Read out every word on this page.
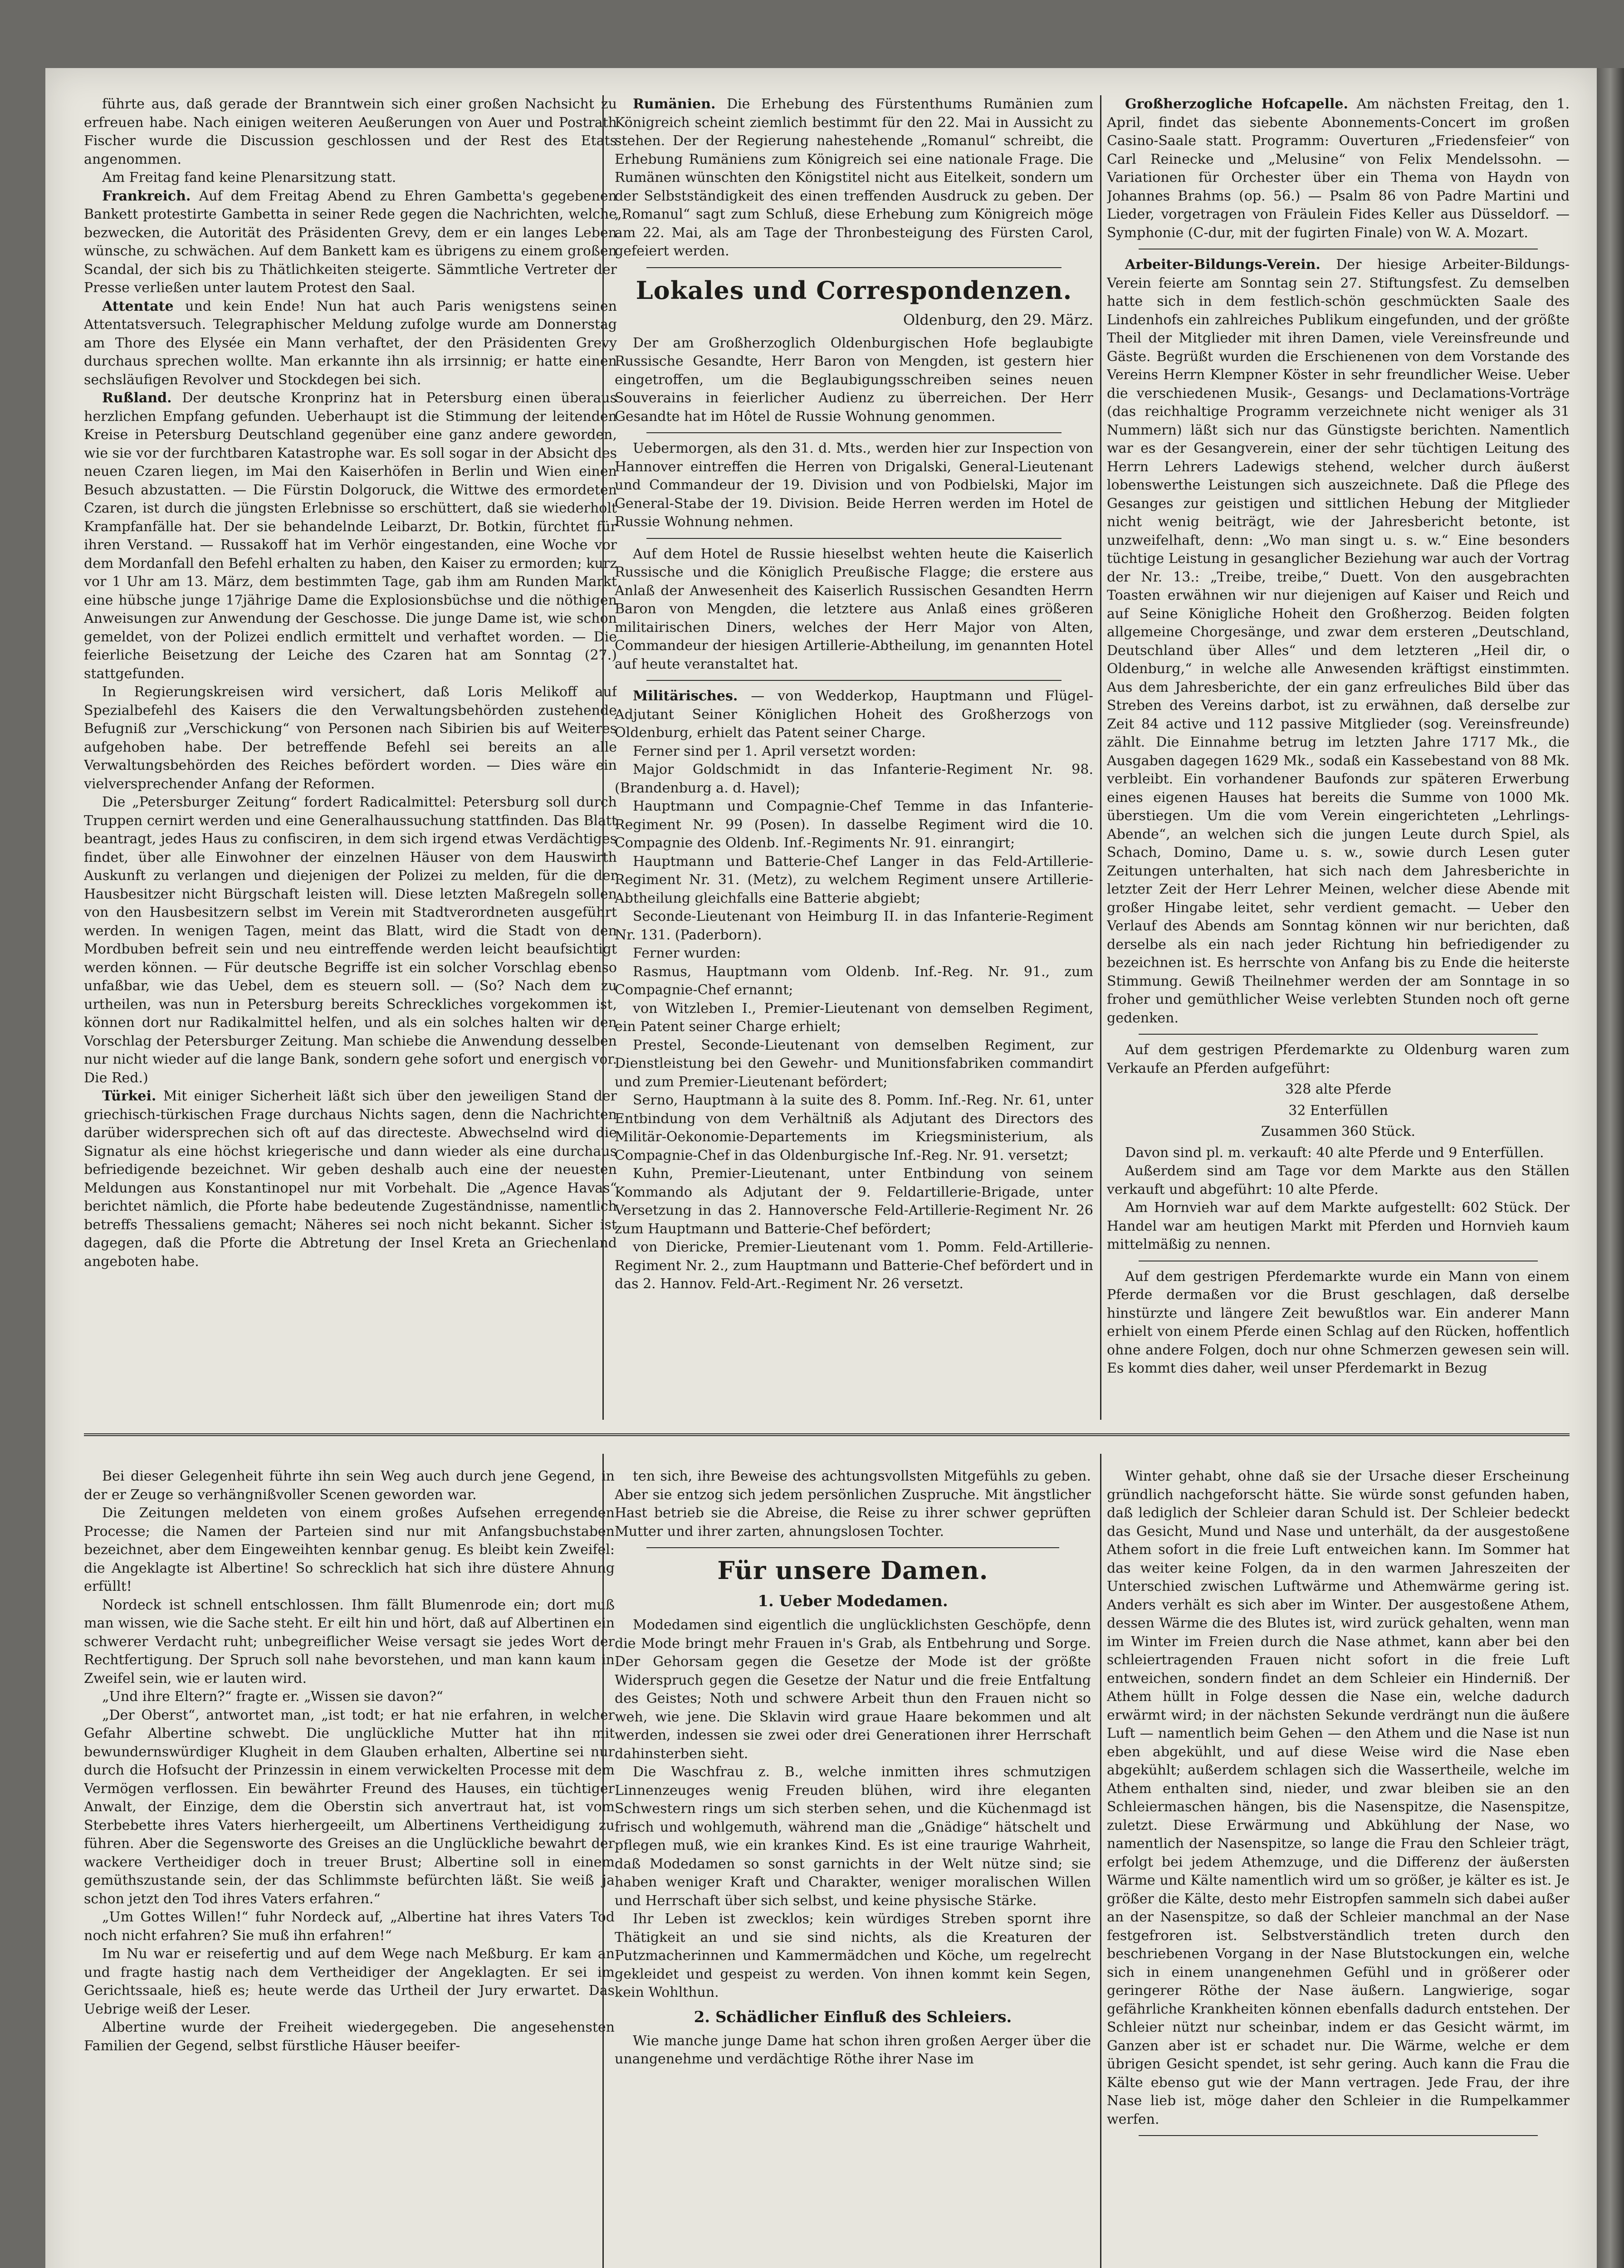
führte aus, daß gerade der Branntwein sich einer großen Nachsicht zu erfreuen habe. Nach einigen weiteren Aeußerungen von Auer und Postrath Fischer wurde die Discussion geschlossen und der Rest des Etats angenommen.

Am Freitag fand keine Plenarsitzung statt.

Frankreich. Auf dem Freitag Abend zu Ehren Gambetta's gegebenen Bankett protestirte Gambetta in seiner Rede gegen die Nachrichten, welche bezwecken, die Autorität des Präsidenten Grevy, dem er ein langes Leben wünsche, zu schwächen. Auf dem Bankett kam es übrigens zu einem großen Scandal, der sich bis zu Thätlichkeiten steigerte. Sämmtliche Vertreter der Presse verließen unter lautem Protest den Saal.

Attentate und kein Ende! Nun hat auch Paris wenigstens seinen Attentatsversuch. Telegraphischer Meldung zufolge wurde am Donnerstag am Thore des Elysée ein Mann verhaftet, der den Präsidenten Grevy durchaus sprechen wollte. Man erkannte ihn als irrsinnig; er hatte einen sechsläufigen Revolver und Stockdegen bei sich.

Rußland. Der deutsche Kronprinz hat in Petersburg einen überaus herzlichen Empfang gefunden. Ueberhaupt ist die Stimmung der leitenden Kreise in Petersburg Deutschland gegenüber eine ganz andere geworden, wie sie vor der furchtbaren Katastrophe war. Es soll sogar in der Absicht des neuen Czaren liegen, im Mai den Kaiserhöfen in Berlin und Wien einen Besuch abzustatten. — Die Fürstin Dolgoruck, die Wittwe des ermordeten Czaren, ist durch die jüngsten Erlebnisse so erschüttert, daß sie wiederholt Krampfanfälle hat. Der sie behandelnde Leibarzt, Dr. Botkin, fürchtet für ihren Verstand. — Russakoff hat im Verhör eingestanden, eine Woche vor dem Mordanfall den Befehl erhalten zu haben, den Kaiser zu ermorden; kurz vor 1 Uhr am 13. März, dem bestimmten Tage, gab ihm am Runden Markt eine hübsche junge 17jährige Dame die Explosionsbüchse und die nöthigen Anweisungen zur Anwendung der Geschosse. Die junge Dame ist, wie schon gemeldet, von der Polizei endlich ermittelt und verhaftet worden. — Die feierliche Beisetzung der Leiche des Czaren hat am Sonntag (27.) stattgefunden.

In Regierungskreisen wird versichert, daß Loris Melikoff auf Spezialbefehl des Kaisers die den Verwaltungsbehörden zustehende Befugniß zur „Verschickung“ von Personen nach Sibirien bis auf Weiteres aufgehoben habe. Der betreffende Befehl sei bereits an alle Verwaltungsbehörden des Reiches befördert worden. — Dies wäre ein vielversprechender Anfang der Reformen.

Die „Petersburger Zeitung“ fordert Radicalmittel: Petersburg soll durch Truppen cernirt werden und eine Generalhaussuchung stattfinden. Das Blatt beantragt, jedes Haus zu confisciren, in dem sich irgend etwas Verdächtiges findet, über alle Einwohner der einzelnen Häuser von dem Hauswirth Auskunft zu verlangen und diejenigen der Polizei zu melden, für die der Hausbesitzer nicht Bürgschaft leisten will. Diese letzten Maßregeln sollen von den Hausbesitzern selbst im Verein mit Stadtverordneten ausgeführt werden. In wenigen Tagen, meint das Blatt, wird die Stadt von den Mordbuben befreit sein und neu eintreffende werden leicht beaufsichtigt werden können. — Für deutsche Begriffe ist ein solcher Vorschlag ebenso unfaßbar, wie das Uebel, dem es steuern soll. — (So? Nach dem zu urtheilen, was nun in Petersburg bereits Schreckliches vorgekommen ist, können dort nur Radikalmittel helfen, und als ein solches halten wir den Vorschlag der Petersburger Zeitung. Man schiebe die Anwendung desselben nur nicht wieder auf die lange Bank, sondern gehe sofort und energisch vor. Die Red.)

Türkei. Mit einiger Sicherheit läßt sich über den jeweiligen Stand der griechisch-türkischen Frage durchaus Nichts sagen, denn die Nachrichten darüber widersprechen sich oft auf das directeste. Abwechselnd wird die Signatur als eine höchst kriegerische und dann wieder als eine durchaus befriedigende bezeichnet. Wir geben deshalb auch eine der neuesten Meldungen aus Konstantinopel nur mit Vorbehalt. Die „Agence Havas“ berichtet nämlich, die Pforte habe bedeutende Zugeständnisse, namentlich betreffs Thessaliens gemacht; Näheres sei noch nicht bekannt. Sicher ist dagegen, daß die Pforte die Abtretung der Insel Kreta an Griechenland angeboten habe.

Rumänien. Die Erhebung des Fürstenthums Rumänien zum Königreich scheint ziemlich bestimmt für den 22. Mai in Aussicht zu stehen. Der der Regierung nahestehende „Romanul“ schreibt, die Erhebung Rumäniens zum Königreich sei eine nationale Frage. Die Rumänen wünschten den Königstitel nicht aus Eitelkeit, sondern um der Selbstständigkeit des einen treffenden Ausdruck zu geben. Der „Romanul“ sagt zum Schluß, diese Erhebung zum Königreich möge am 22. Mai, als am Tage der Thronbesteigung des Fürsten Carol, gefeiert werden.

Lokales und Correspondenzen.

Oldenburg, den 29. März.

Der am Großherzoglich Oldenburgischen Hofe beglaubigte Russische Gesandte, Herr Baron von Mengden, ist gestern hier eingetroffen, um die Beglaubigungsschreiben seines neuen Souverains in feierlicher Audienz zu überreichen. Der Herr Gesandte hat im Hôtel de Russie Wohnung genommen.

Uebermorgen, als den 31. d. Mts., werden hier zur Inspection von Hannover eintreffen die Herren von Drigalski, General-Lieutenant und Commandeur der 19. Division und von Podbielski, Major im General-Stabe der 19. Division. Beide Herren werden im Hotel de Russie Wohnung nehmen.

Auf dem Hotel de Russie hieselbst wehten heute die Kaiserlich Russische und die Königlich Preußische Flagge; die erstere aus Anlaß der Anwesenheit des Kaiserlich Russischen Gesandten Herrn Baron von Mengden, die letztere aus Anlaß eines größeren militairischen Diners, welches der Herr Major von Alten, Commandeur der hiesigen Artillerie-Abtheilung, im genannten Hotel auf heute veranstaltet hat.

Militärisches. — von Wedderkop, Hauptmann und Flügel-Adjutant Seiner Königlichen Hoheit des Großherzogs von Oldenburg, erhielt das Patent seiner Charge.

Ferner sind per 1. April versetzt worden:

Major Goldschmidt in das Infanterie-Regiment Nr. 98. (Brandenburg a. d. Havel);

Hauptmann und Compagnie-Chef Temme in das Infanterie-Regiment Nr. 99 (Posen). In dasselbe Regiment wird die 10. Compagnie des Oldenb. Inf.-Regiments Nr. 91. einrangirt;

Hauptmann und Batterie-Chef Langer in das Feld-Artillerie-Regiment Nr. 31. (Metz), zu welchem Regiment unsere Artillerie-Abtheilung gleichfalls eine Batterie abgiebt;

Seconde-Lieutenant von Heimburg II. in das Infanterie-Regiment Nr. 131. (Paderborn).

Ferner wurden:

Rasmus, Hauptmann vom Oldenb. Inf.-Reg. Nr. 91., zum Compagnie-Chef ernannt;

von Witzleben I., Premier-Lieutenant von demselben Regiment, ein Patent seiner Charge erhielt;

Prestel, Seconde-Lieutenant von demselben Regiment, zur Dienstleistung bei den Gewehr- und Munitionsfabriken commandirt und zum Premier-Lieutenant befördert;

Serno, Hauptmann à la suite des 8. Pomm. Inf.-Reg. Nr. 61, unter Entbindung von dem Verhältniß als Adjutant des Directors des Militär-Oekonomie-Departements im Kriegsministerium, als Compagnie-Chef in das Oldenburgische Inf.-Reg. Nr. 91. versetzt;

Kuhn, Premier-Lieutenant, unter Entbindung von seinem Kommando als Adjutant der 9. Feldartillerie-Brigade, unter Versetzung in das 2. Hannoversche Feld-Artillerie-Regiment Nr. 26 zum Hauptmann und Batterie-Chef befördert;

von Diericke, Premier-Lieutenant vom 1. Pomm. Feld-Artillerie-Regiment Nr. 2., zum Hauptmann und Batterie-Chef befördert und in das 2. Hannov. Feld-Art.-Regiment Nr. 26 versetzt.

Großherzogliche Hofcapelle. Am nächsten Freitag, den 1. April, findet das siebente Abonnements-Concert im großen Casino-Saale statt. Programm: Ouverturen „Friedensfeier“ von Carl Reinecke und „Melusine“ von Felix Mendelssohn. — Variationen für Orchester über ein Thema von Haydn von Johannes Brahms (op. 56.) — Psalm 86 von Padre Martini und Lieder, vorgetragen von Fräulein Fides Keller aus Düsseldorf. — Symphonie (C-dur, mit der fugirten Finale) von W. A. Mozart.

Arbeiter-Bildungs-Verein. Der hiesige Arbeiter-Bildungs-Verein feierte am Sonntag sein 27. Stiftungsfest. Zu demselben hatte sich in dem festlich-schön geschmückten Saale des Lindenhofs ein zahlreiches Publikum eingefunden, und der größte Theil der Mitglieder mit ihren Damen, viele Vereinsfreunde und Gäste. Begrüßt wurden die Erschienenen von dem Vorstande des Vereins Herrn Klempner Köster in sehr freundlicher Weise. Ueber die verschiedenen Musik-, Gesangs- und Declamations-Vorträge (das reichhaltige Programm verzeichnete nicht weniger als 31 Nummern) läßt sich nur das Günstigste berichten. Namentlich war es der Gesangverein, einer der sehr tüchtigen Leitung des Herrn Lehrers Ladewigs stehend, welcher durch äußerst lobenswerthe Leistungen sich auszeichnete. Daß die Pflege des Gesanges zur geistigen und sittlichen Hebung der Mitglieder nicht wenig beiträgt, wie der Jahresbericht betonte, ist unzweifelhaft, denn: „Wo man singt u. s. w.“ Eine besonders tüchtige Leistung in gesanglicher Beziehung war auch der Vortrag der Nr. 13.: „Treibe, treibe,“ Duett. Von den ausgebrachten Toasten erwähnen wir nur diejenigen auf Kaiser und Reich und auf Seine Königliche Hoheit den Großherzog. Beiden folgten allgemeine Chorgesänge, und zwar dem ersteren „Deutschland, Deutschland über Alles“ und dem letzteren „Heil dir, o Oldenburg,“ in welche alle Anwesenden kräftigst einstimmten. Aus dem Jahresberichte, der ein ganz erfreuliches Bild über das Streben des Vereins darbot, ist zu erwähnen, daß derselbe zur Zeit 84 active und 112 passive Mitglieder (sog. Vereinsfreunde) zählt. Die Einnahme betrug im letzten Jahre 1717 Mk., die Ausgaben dagegen 1629 Mk., sodaß ein Kassebestand von 88 Mk. verbleibt. Ein vorhandener Baufonds zur späteren Erwerbung eines eigenen Hauses hat bereits die Summe von 1000 Mk. überstiegen. Um die vom Verein eingerichteten „Lehrlings-Abende“, an welchen sich die jungen Leute durch Spiel, als Schach, Domino, Dame u. s. w., sowie durch Lesen guter Zeitungen unterhalten, hat sich nach dem Jahresberichte in letzter Zeit der Herr Lehrer Meinen, welcher diese Abende mit großer Hingabe leitet, sehr verdient gemacht. — Ueber den Verlauf des Abends am Sonntag können wir nur berichten, daß derselbe als ein nach jeder Richtung hin befriedigender zu bezeichnen ist. Es herrschte von Anfang bis zu Ende die heiterste Stimmung. Gewiß Theilnehmer werden der am Sonntage in so froher und gemüthlicher Weise verlebten Stunden noch oft gerne gedenken.

Auf dem gestrigen Pferdemarkte zu Oldenburg waren zum Verkaufe an Pferden aufgeführt:

328 alte Pferde

32 Enterfüllen

Zusammen 360 Stück.

Davon sind pl. m. verkauft: 40 alte Pferde und 9 Enterfüllen.

Außerdem sind am Tage vor dem Markte aus den Ställen verkauft und abgeführt: 10 alte Pferde.

Am Hornvieh war auf dem Markte aufgestellt: 602 Stück. Der Handel war am heutigen Markt mit Pferden und Hornvieh kaum mittelmäßig zu nennen.

Auf dem gestrigen Pferdemarkte wurde ein Mann von einem Pferde dermaßen vor die Brust geschlagen, daß derselbe hinstürzte und längere Zeit bewußtlos war. Ein anderer Mann erhielt von einem Pferde einen Schlag auf den Rücken, hoffentlich ohne andere Folgen, doch nur ohne Schmerzen gewesen sein will. Es kommt dies daher, weil unser Pferdemarkt in Bezug

Bei dieser Gelegenheit führte ihn sein Weg auch durch jene Gegend, in der er Zeuge so verhängnißvoller Scenen geworden war.

Die Zeitungen meldeten von einem großes Aufsehen erregenden Processe; die Namen der Parteien sind nur mit Anfangsbuchstaben bezeichnet, aber dem Eingeweihten kennbar genug. Es bleibt kein Zweifel: die Angeklagte ist Albertine! So schrecklich hat sich ihre düstere Ahnung erfüllt!

Nordeck ist schnell entschlossen. Ihm fällt Blumenrode ein; dort muß man wissen, wie die Sache steht. Er eilt hin und hört, daß auf Albertinen ein schwerer Verdacht ruht; unbegreiflicher Weise versagt sie jedes Wort der Rechtfertigung. Der Spruch soll nahe bevorstehen, und man kann kaum in Zweifel sein, wie er lauten wird.

„Und ihre Eltern?“ fragte er. „Wissen sie davon?“

„Der Oberst“, antwortet man, „ist todt; er hat nie erfahren, in welcher Gefahr Albertine schwebt. Die unglückliche Mutter hat ihn mit bewundernswürdiger Klugheit in dem Glauben erhalten, Albertine sei nur durch die Hofsucht der Prinzessin in einem verwickelten Processe mit dem Vermögen verflossen. Ein bewährter Freund des Hauses, ein tüchtiger Anwalt, der Einzige, dem die Oberstin sich anvertraut hat, ist vom Sterbebette ihres Vaters hierhergeeilt, um Albertinens Vertheidigung zu führen. Aber die Segensworte des Greises an die Unglückliche bewahrt der wackere Vertheidiger doch in treuer Brust; Albertine soll in einem gemüthszustande sein, der das Schlimmste befürchten läßt. Sie weiß ja schon jetzt den Tod ihres Vaters erfahren.“

„Um Gottes Willen!“ fuhr Nordeck auf, „Albertine hat ihres Vaters Tod noch nicht erfahren? Sie muß ihn erfahren!“

Im Nu war er reisefertig und auf dem Wege nach Meßburg. Er kam an und fragte hastig nach dem Vertheidiger der Angeklagten. Er sei im Gerichtssaale, hieß es; heute werde das Urtheil der Jury erwartet. Das Uebrige weiß der Leser.

Albertine wurde der Freiheit wiedergegeben. Die angesehensten Familien der Gegend, selbst fürstliche Häuser beeifer-

ten sich, ihre Beweise des achtungsvollsten Mitgefühls zu geben. Aber sie entzog sich jedem persönlichen Zuspruche. Mit ängstlicher Hast betrieb sie die Abreise, die Reise zu ihrer schwer geprüften Mutter und ihrer zarten, ahnungslosen Tochter.

Für unsere Damen.

1. Ueber Modedamen.

Modedamen sind eigentlich die unglücklichsten Geschöpfe, denn die Mode bringt mehr Frauen in's Grab, als Entbehrung und Sorge. Der Gehorsam gegen die Gesetze der Mode ist der größte Widerspruch gegen die Gesetze der Natur und die freie Entfaltung des Geistes; Noth und schwere Arbeit thun den Frauen nicht so weh, wie jene. Die Sklavin wird graue Haare bekommen und alt werden, indessen sie zwei oder drei Generationen ihrer Herrschaft dahinsterben sieht.

Die Waschfrau z. B., welche inmitten ihres schmutzigen Linnenzeuges wenig Freuden blühen, wird ihre eleganten Schwestern rings um sich sterben sehen, und die Küchenmagd ist frisch und wohlgemuth, während man die „Gnädige“ hätschelt und pflegen muß, wie ein krankes Kind. Es ist eine traurige Wahrheit, daß Modedamen so sonst garnichts in der Welt nütze sind; sie haben weniger Kraft und Charakter, weniger moralischen Willen und Herrschaft über sich selbst, und keine physische Stärke.

Ihr Leben ist zwecklos; kein würdiges Streben spornt ihre Thätigkeit an und sie sind nichts, als die Kreaturen der Putzmacherinnen und Kammermädchen und Köche, um regelrecht gekleidet und gespeist zu werden. Von ihnen kommt kein Segen, kein Wohlthun.

2. Schädlicher Einfluß des Schleiers.

Wie manche junge Dame hat schon ihren großen Aerger über die unangenehme und verdächtige Röthe ihrer Nase im

Winter gehabt, ohne daß sie der Ursache dieser Erscheinung gründlich nachgeforscht hätte. Sie würde sonst gefunden haben, daß lediglich der Schleier daran Schuld ist. Der Schleier bedeckt das Gesicht, Mund und Nase und unterhält, da der ausgestoßene Athem sofort in die freie Luft entweichen kann. Im Sommer hat das weiter keine Folgen, da in den warmen Jahreszeiten der Unterschied zwischen Luftwärme und Athemwärme gering ist. Anders verhält es sich aber im Winter. Der ausgestoßene Athem, dessen Wärme die des Blutes ist, wird zurück gehalten, wenn man im Winter im Freien durch die Nase athmet, kann aber bei den schleiertragenden Frauen nicht sofort in die freie Luft entweichen, sondern findet an dem Schleier ein Hinderniß. Der Athem hüllt in Folge dessen die Nase ein, welche dadurch erwärmt wird; in der nächsten Sekunde verdrängt nun die äußere Luft — namentlich beim Gehen — den Athem und die Nase ist nun eben abgekühlt, und auf diese Weise wird die Nase eben abgekühlt; außerdem schlagen sich die Wassertheile, welche im Athem enthalten sind, nieder, und zwar bleiben sie an den Schleiermaschen hängen, bis die Nasenspitze, die Nasenspitze, zuletzt. Diese Erwärmung und Abkühlung der Nase, wo namentlich der Nasenspitze, so lange die Frau den Schleier trägt, erfolgt bei jedem Athemzuge, und die Differenz der äußersten Wärme und Kälte namentlich wird um so größer, je kälter es ist. Je größer die Kälte, desto mehr Eistropfen sammeln sich dabei außer an der Nasenspitze, so daß der Schleier manchmal an der Nase festgefroren ist. Selbstverständlich treten durch den beschriebenen Vorgang in der Nase Blutstockungen ein, welche sich in einem unangenehmen Gefühl und in größerer oder geringerer Röthe der Nase äußern. Langwierige, sogar gefährliche Krankheiten können ebenfalls dadurch entstehen. Der Schleier nützt nur scheinbar, indem er das Gesicht wärmt, im Ganzen aber ist er schadet nur. Die Wärme, welche er dem übrigen Gesicht spendet, ist sehr gering. Auch kann die Frau die Kälte ebenso gut wie der Mann vertragen. Jede Frau, der ihre Nase lieb ist, möge daher den Schleier in die Rumpelkammer werfen.
